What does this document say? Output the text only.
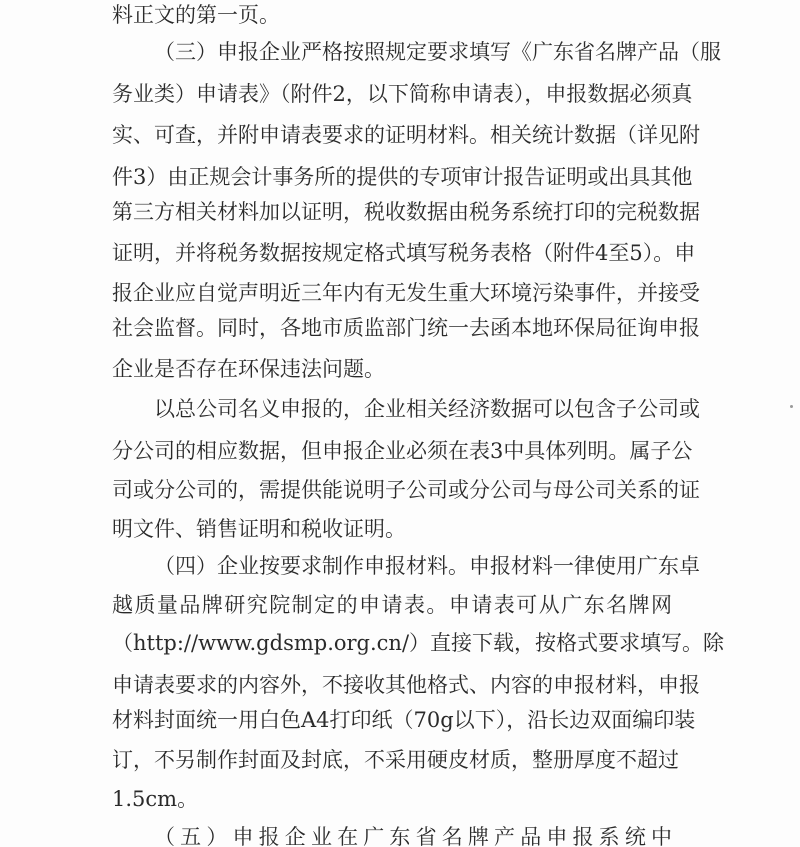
料正文的第一页。
（三）申报企业严格按照规定要求填写《广东省名牌产品（服
务业类）申请表》（附件2，以下简称申请表），申报数据必须真
实、可查，并附申请表要求的证明材料。相关统计数据（详见附
件3）由正规会计事务所的提供的专项审计报告证明或出具其他
第三方相关材料加以证明，税收数据由税务系统打印的完税数据
证明，并将税务数据按规定格式填写税务表格（附件4至5）。申
报企业应自觉声明近三年内有无发生重大环境污染事件，并接受
社会监督。同时，各地市质监部门统一去函本地环保局征询申报
企业是否存在环保违法问题。
以总公司名义申报的，企业相关经济数据可以包含子公司或
分公司的相应数据，但申报企业必须在表3中具体列明。属子公
司或分公司的，需提供能说明子公司或分公司与母公司关系的证
明文件、销售证明和税收证明。
（四）企业按要求制作申报材料。申报材料一律使用广东卓
越质量品牌研究院制定的申请表。申请表可从广东名牌网
（http://www.gdsmp.org.cn/）直接下载，按格式要求填写。除
申请表要求的内容外，不接收其他格式、内容的申报材料，申报
材料封面统一用白色A4打印纸（70g以下），沿长边双面编印装
订，不另制作封面及封底，不采用硬皮材质，整册厚度不超过
1.5cm。
（五）申报企业在广东省名牌产品申报系统中
